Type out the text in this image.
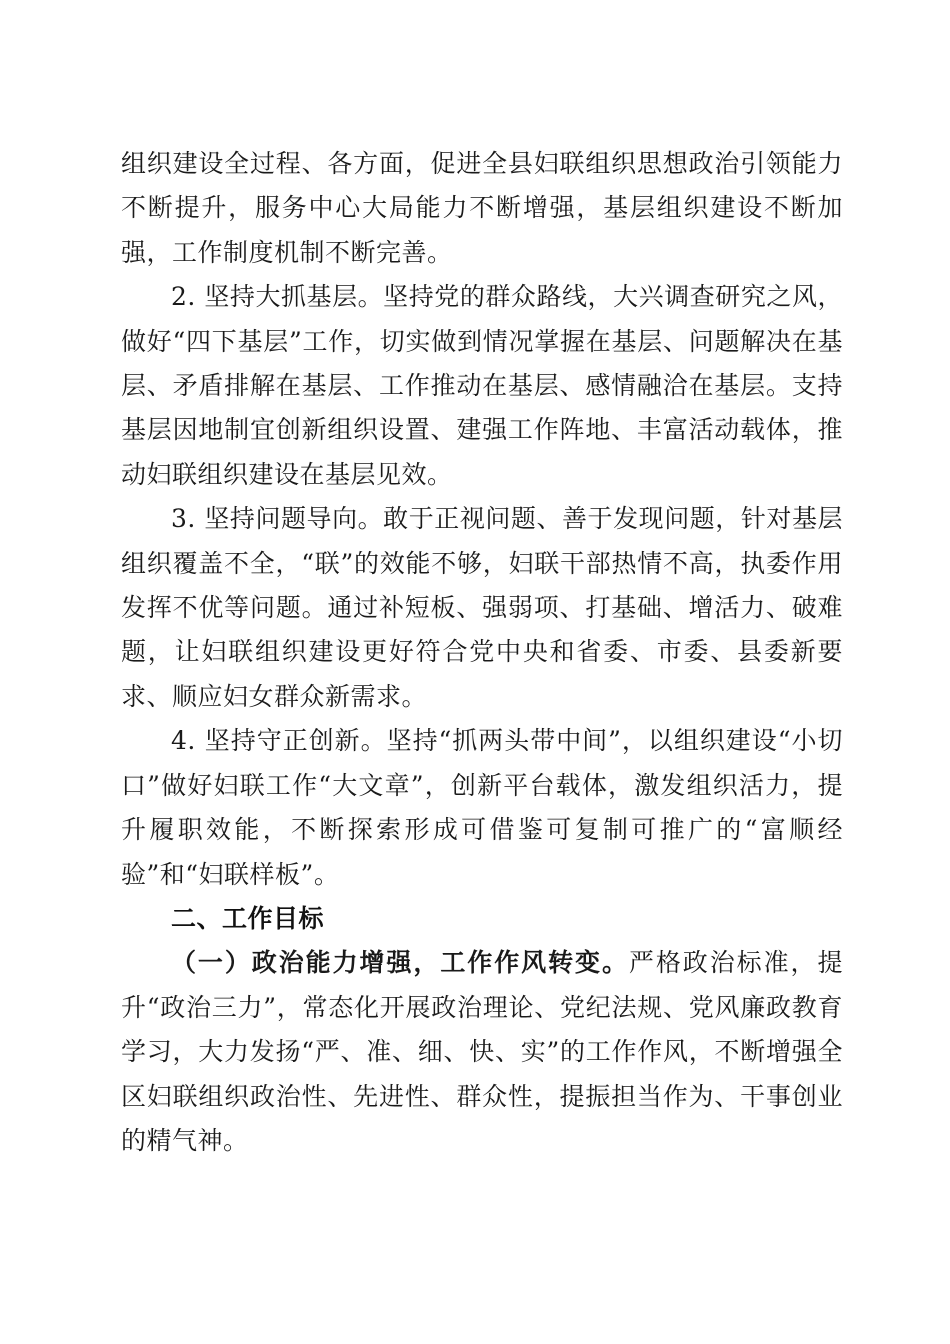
组织建设全过程、各方面，促进全县妇联组织思想政治引领能力不断提升，服务中心大局能力不断增强，基层组织建设不断加强，工作制度机制不断完善。

2. 坚持大抓基层。坚持党的群众路线，大兴调查研究之风，做好“四下基层”工作，切实做到情况掌握在基层、问题解决在基层、矛盾排解在基层、工作推动在基层、感情融洽在基层。支持基层因地制宜创新组织设置、建强工作阵地、丰富活动载体，推动妇联组织建设在基层见效。

3. 坚持问题导向。敢于正视问题、善于发现问题，针对基层组织覆盖不全，“联”的效能不够，妇联干部热情不高，执委作用发挥不优等问题。通过补短板、强弱项、打基础、增活力、破难题，让妇联组织建设更好符合党中央和省委、市委、县委新要求、顺应妇女群众新需求。

4. 坚持守正创新。坚持“抓两头带中间”，以组织建设“小切口”做好妇联工作“大文章”，创新平台载体，激发组织活力，提升履职效能，不断探索形成可借鉴可复制可推广的“富顺经验”和“妇联样板”。

二、工作目标

（一）政治能力增强，工作作风转变。严格政治标准，提升“政治三力”，常态化开展政治理论、党纪法规、党风廉政教育学习，大力发扬“严、准、细、快、实”的工作作风，不断增强全区妇联组织政治性、先进性、群众性，提振担当作为、干事创业的精气神。
